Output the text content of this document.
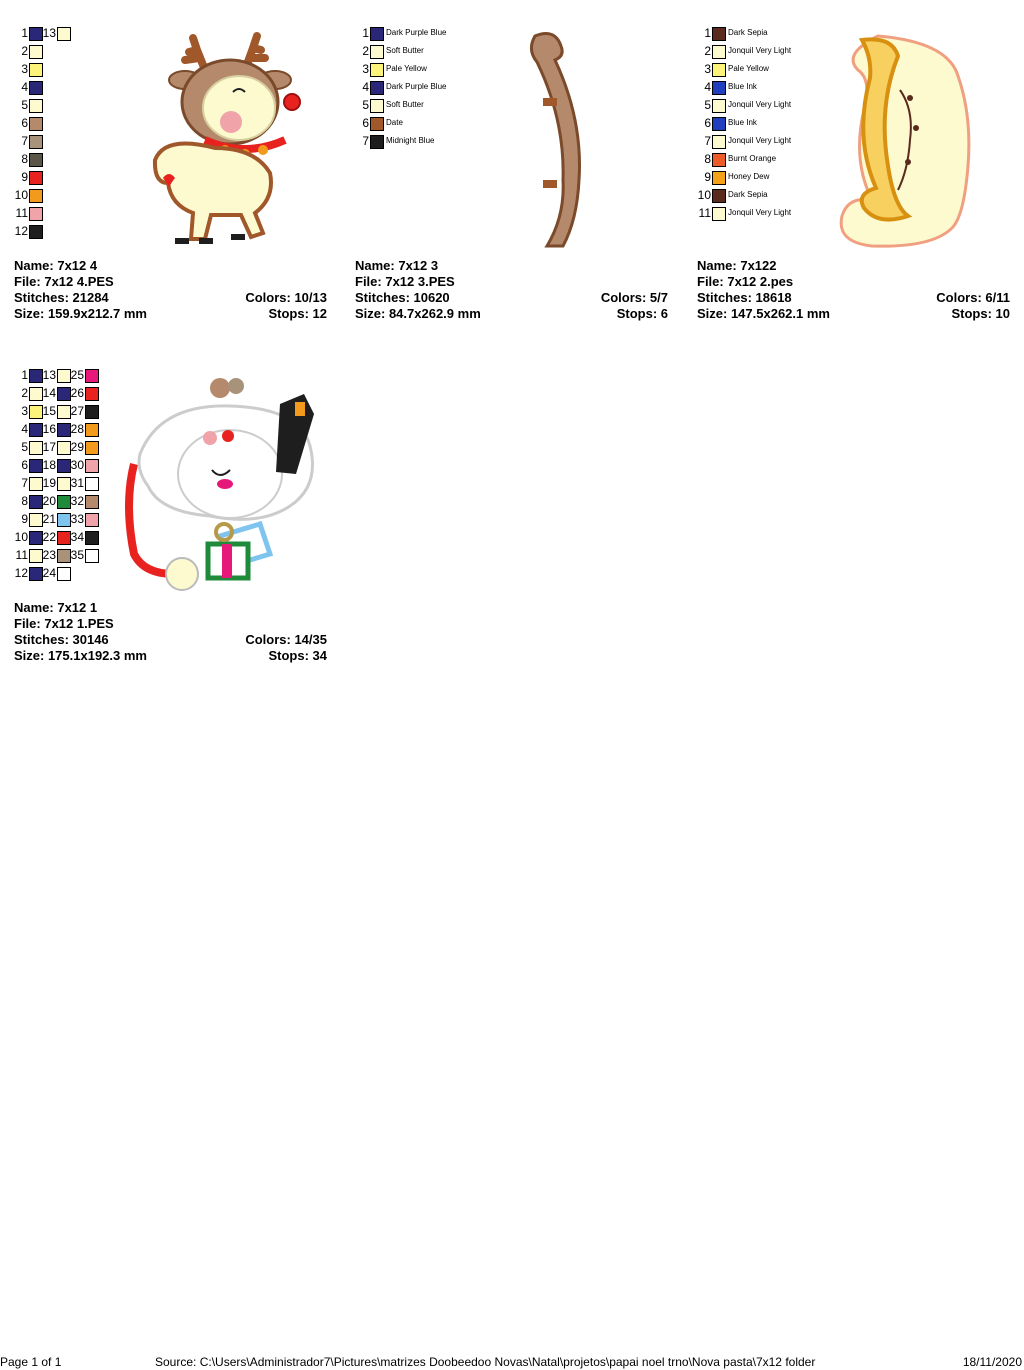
1 13
2
3
4
5
6
7
8
9
10
11
12
Name: 7x12 4
File: 7x12 4.PES
Stitches: 21284	Colors: 10/13
Size: 159.9x212.7 mm	Stops: 12
1 Dark Purple Blue
2 Soft Butter
3 Pale Yellow
4 Dark Purple Blue
5 Soft Butter
6 Date
7 Midnight Blue
Name: 7x12 3
File: 7x12 3.PES
Stitches: 10620	Colors: 5/7
Size: 84.7x262.9 mm	Stops: 6
1 Dark Sepia
2 Jonquil Very Light
3 Pale Yellow
4 Blue Ink
5 Jonquil Very Light
6 Blue Ink
7 Jonquil Very Light
8 Burnt Orange
9 Honey Dew
10 Dark Sepia
11 Jonquil Very Light
Name: 7x122
File: 7x12 2.pes
Stitches: 18618	Colors: 6/11
Size: 147.5x262.1 mm	Stops: 10
1 13 25
2 14 26
3 15 27
4 16 28
5 17 29
6 18 30
7 19 31
8 20 32
9 21 33
10 22 34
11 23 35
12 24
Name: 7x12 1
File: 7x12 1.PES
Stitches: 30146	Colors: 14/35
Size: 175.1x192.3 mm	Stops: 34
Page 1 of 1	Source: C:\Users\Administrador7\Pictures\matrizes Doobeedoo Novas\Natal\projetos\papai noel trno\Nova pasta\7x12 folder	18/11/2020
